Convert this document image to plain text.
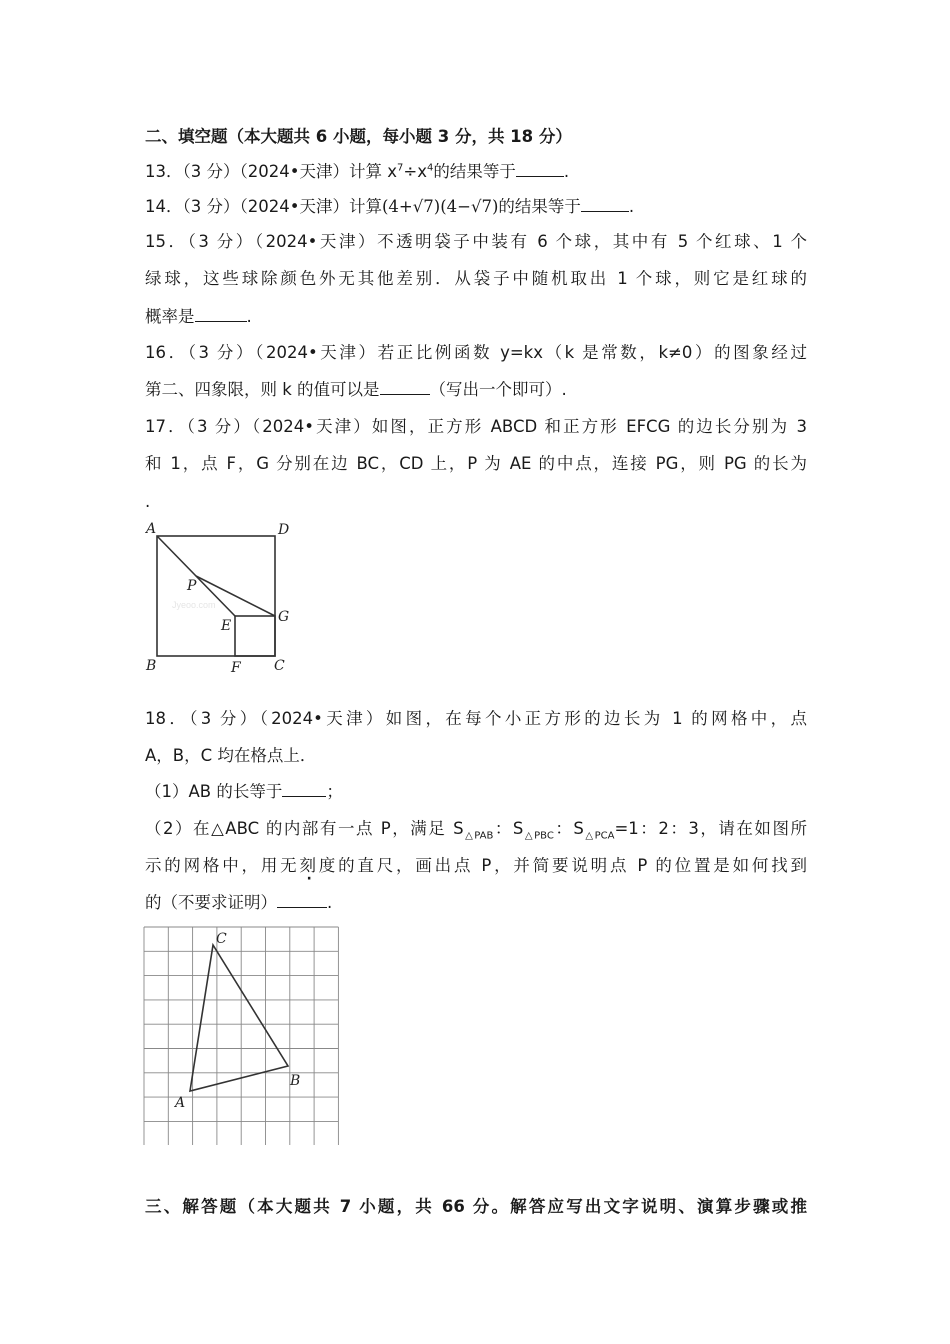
二、填空题（本大题共 6 小题，每小题 3 分，共 18 分）
13．（3 分）（2024•天津）计算 $x^7\div x^4$的结果等于	.
14．（3 分）（2024•天津）计算(4+√7)(4−√7)的结果等于	.
15．（3 分）（2024•天津）不透明袋子中装有 6 个球，其中有 5 个红球、1 个
绿球，这些球除颜色外无其他差别．从袋子中随机取出 1 个球，则它是红球的
概率是	.
16．（3 分）（2024•天津）若正比例函数 y=kx（k 是常数，k≠0）的图象经过
第二、四象限，则 k 的值可以是	（写出一个即可）.
17．（3 分）（2024•天津）如图，正方形 ABCD 和正方形 EFCG 的边长分别为 3
和 1，点 F，G 分别在边 BC，CD 上，P 为 AE 的中点，连接 PG，则 PG 的长为
.
A	D
P
G
E
B	F C
Jyeoo.com
18．（3 分）（2024•天津）如图，在每个小正方形的边长为 1 的网格中，点
A，B，C 均在格点上．
（1）AB 的长等于	；
（2）在△ABC 的内部有一点 P，满足 $S_{\triangle PAB}$：$S_{\triangle PBC}$：$S_{\triangle PCA}=1$：2：3，请在如图所
示的网格中，用无刻度的直尺，画出点 P，并简要说明点 P 的位置是如何找到
的（不要求证明）	.
A
B
C
三、解答题（本大题共 7 小题，共 66 分。解答应写出文字说明、演算步骤或推
